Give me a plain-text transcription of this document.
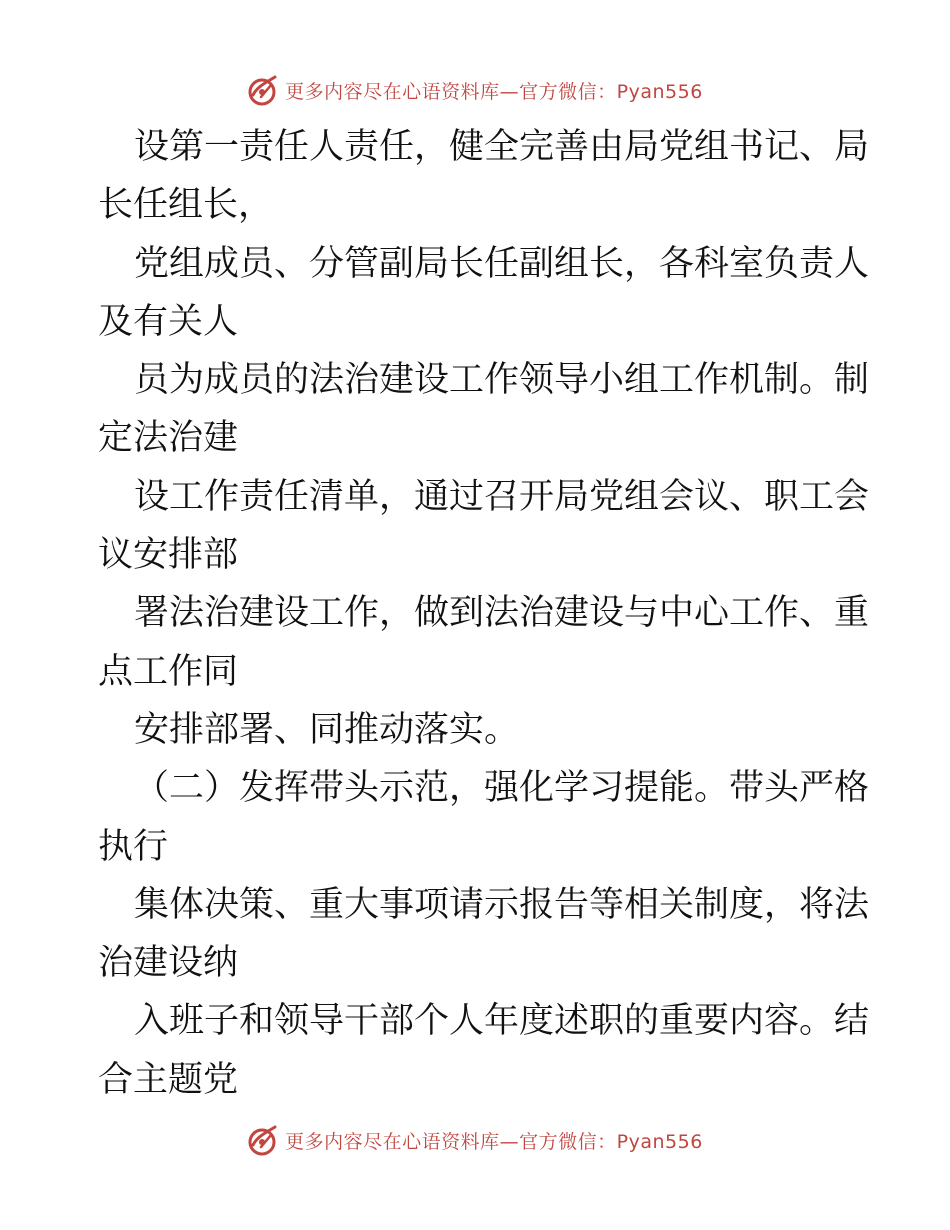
更多内容尽在心语资料库—官方微信：Pyan556

设第一责任人责任，健全完善由局党组书记、局

长任组长，

党组成员、分管副局长任副组长，各科室负责人

及有关人

员为成员的法治建设工作领导小组工作机制。制

定法治建

设工作责任清单，通过召开局党组会议、职工会

议安排部

署法治建设工作，做到法治建设与中心工作、重

点工作同

安排部署、同推动落实。

（二）发挥带头示范，强化学习提能。带头严格

执行

集体决策、重大事项请示报告等相关制度，将法

治建设纳

入班子和领导干部个人年度述职的重要内容。结

合主题党

更多内容尽在心语资料库—官方微信：Pyan556
